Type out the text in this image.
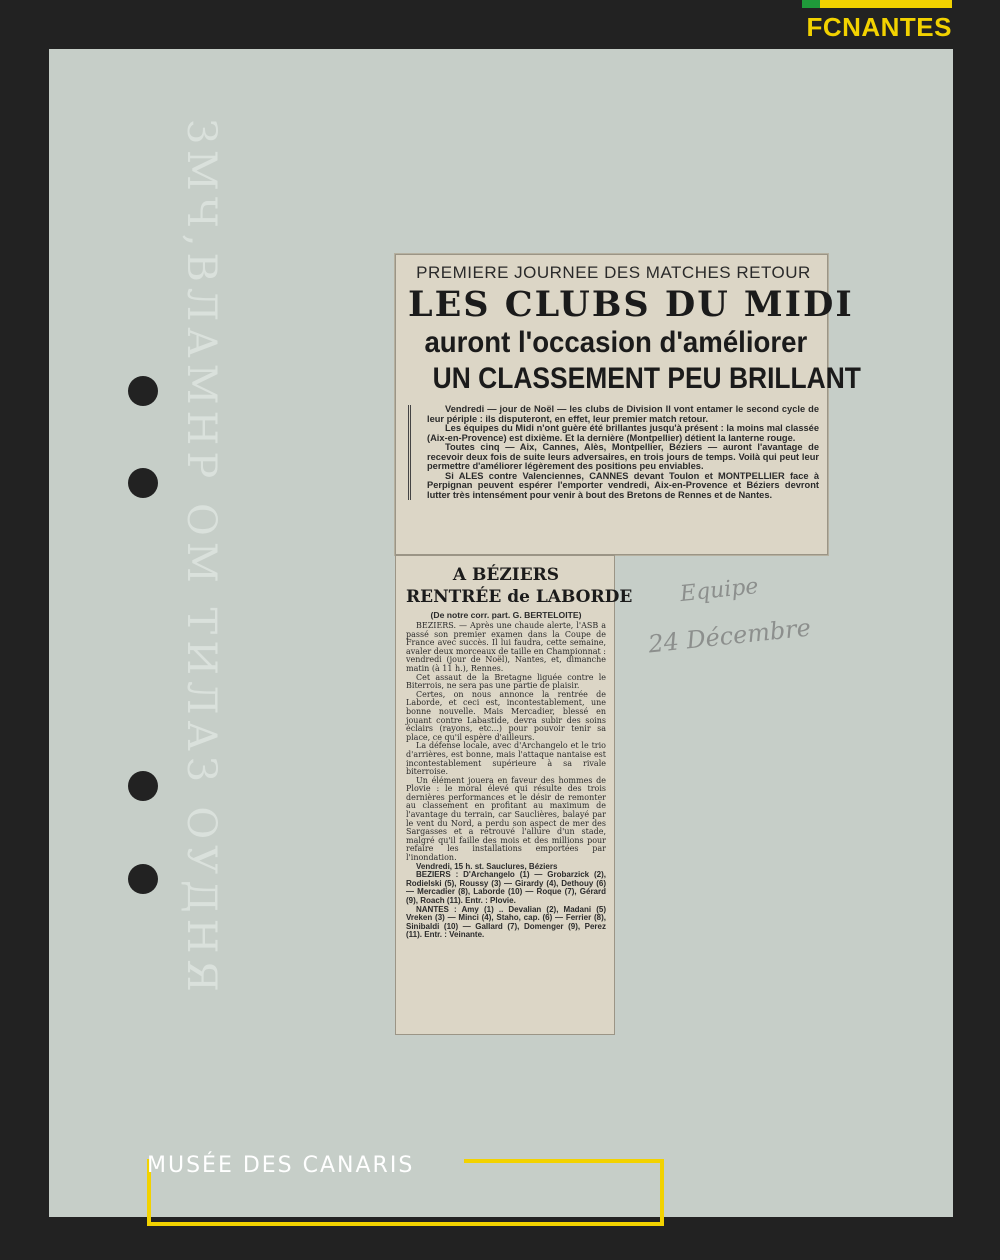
FCNANTES
ЗМЧ,ВЛАМНР ОМ ТИЛАЗ ОУДНЯ	PREMIERE JOURNEE DES MATCHES RETOUR
LES CLUBS DU MIDI
auront l'occasion d'améliorer
UN CLASSEMENT PEU BRILLANT

Vendredi — jour de Noël — les clubs de Division II vont entamer le second cycle de leur périple : ils disputeront, en effet, leur premier match retour.

Les équipes du Midi n'ont guère été brillantes jusqu'à présent : la moins mal classée (Aix-en-Provence) est dixième. Et la dernière (Montpellier) détient la lanterne rouge.

Toutes cinq — Aix, Cannes, Alès, Montpellier, Béziers — auront l'avantage de recevoir deux fois de suite leurs adversaires, en trois jours de temps. Voilà qui peut leur permettre d'améliorer légèrement des positions peu enviables.

Si ALES contre Valenciennes, CANNES devant Toulon et MONTPELLIER face à Perpignan peuvent espérer l'emporter vendredi, Aix-en-Provence et Béziers devront lutter très intensément pour venir à bout des Bretons de Rennes et de Nantes.

A BÉZIERS
RENTRÉE de LABORDE
(De notre corr. part. G. BERTELOITE)

BEZIERS. — Après une chaude alerte, l'ASB a passé son premier examen dans la Coupe de France avec succès. Il lui faudra, cette semaine, avaler deux morceaux de taille en Championnat : vendredi (jour de Noël), Nantes, et, dimanche matin (à 11 h.), Rennes.

Cet assaut de la Bretagne liguée contre le Biterrois, ne sera pas une partie de plaisir.

Certes, on nous annonce la rentrée de Laborde, et ceci est, incontestablement, une bonne nouvelle. Mais Mercadier, blessé en jouant contre Labastide, devra subir des soins éclairs (rayons, etc...) pour pouvoir tenir sa place, ce qu'il espère d'ailleurs.

La défense locale, avec d'Archangelo et le trio d'arrières, est bonne, mais l'attaque nantaise est incontestablement supérieure à sa rivale biterroise.

Un élément jouera en faveur des hommes de Plovie : le moral élevé qui résulte des trois dernières performances et le désir de remonter au classement en profitant au maximum de l'avantage du terrain, car Sauclières, balayé par le vent du Nord, a perdu son aspect de mer des Sargasses et a retrouvé l'allure d'un stade, malgré qu'il faille des mois et des millions pour refaire les installations emportées par l'inondation.

Vendredi, 15 h. st. Sauclures, Béziers

BEZIERS : D'Archangelo (1) — Grobarzick (2), Rodielski (5), Roussy (3) — Girardy (4), Dethouy (6) — Mercadier (8), Laborde (10) — Roque (7), Gérard (9), Roach (11). Entr. : Plovie.

NANTES : Amy (1) .. Devalian (2), Madani (5) Vreken (3) — Minci (4), Staho, cap. (6) — Ferrier (8), Sinibaldi (10) — Gallard (7), Domenger (9), Perez (11). Entr. : Veinante.

Equipe
24 Décembre
MUSÉE DES CANARIS
